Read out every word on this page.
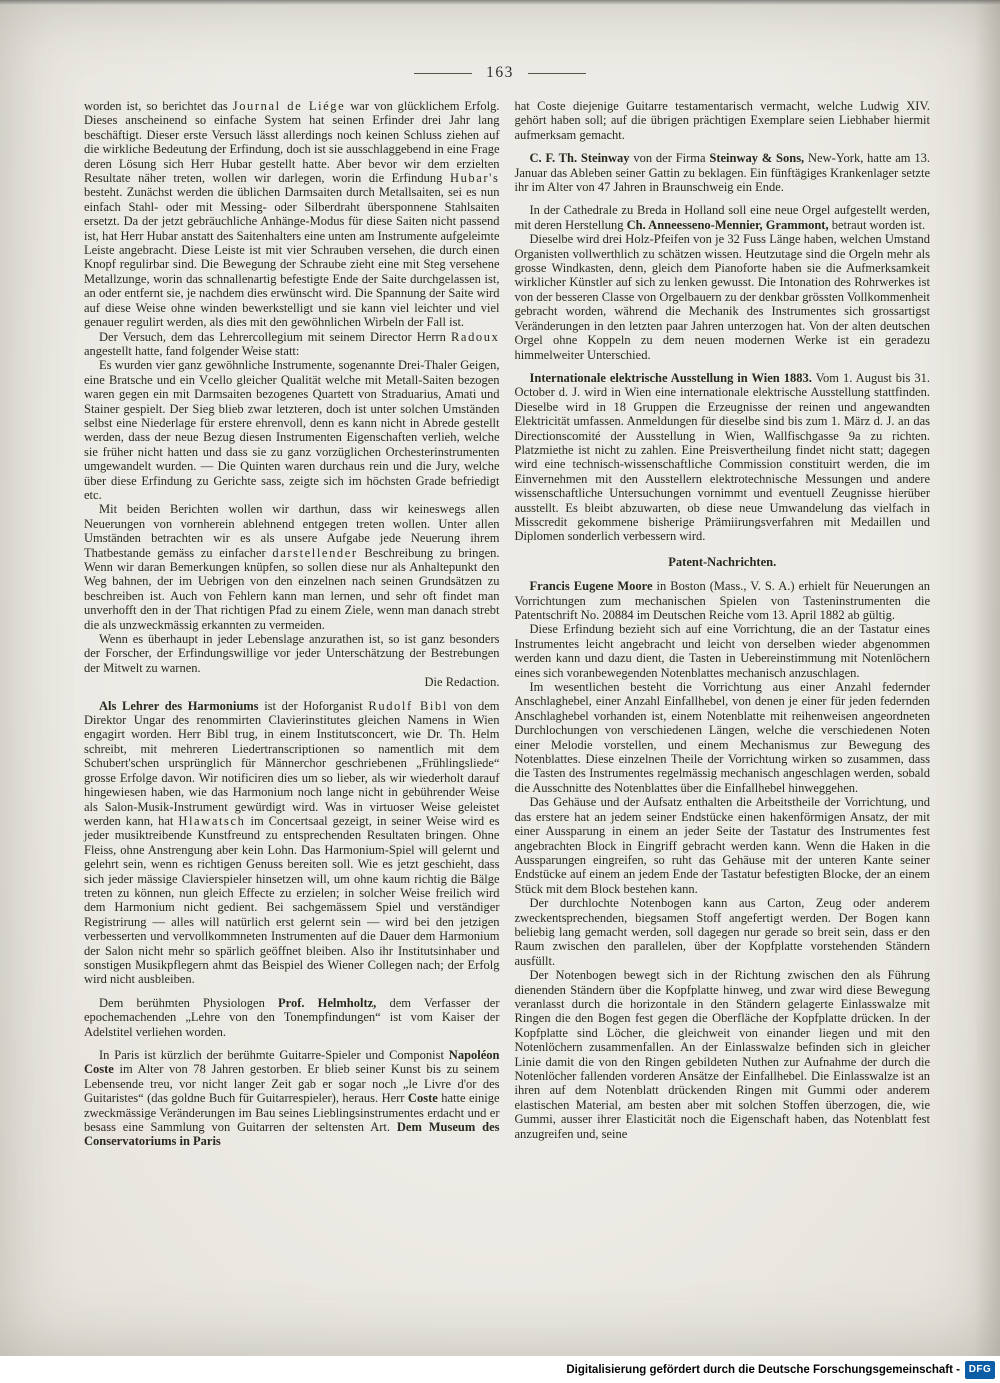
163

worden ist, so berichtet das Journal de Liége war von glücklichem Erfolg. Dieses anscheinend so einfache System hat seinen Erfinder drei Jahr lang beschäftigt. Dieser erste Versuch lässt allerdings noch keinen Schluss ziehen auf die wirkliche Bedeutung der Erfindung, doch ist sie ausschlaggebend in eine Frage deren Lösung sich Herr Hubar gestellt hatte. Aber bevor wir dem erzielten Resultate näher treten, wollen wir darlegen, worin die Erfindung Hubar's besteht. Zunächst werden die üblichen Darmsaiten durch Metallsaiten, sei es nun einfach Stahl- oder mit Messing- oder Silberdraht übersponnene Stahlsaiten ersetzt. Da der jetzt gebräuchliche Anhänge-Modus für diese Saiten nicht passend ist, hat Herr Hubar anstatt des Saitenhalters eine unten am Instrumente aufgeleimte Leiste angebracht. Diese Leiste ist mit vier Schrauben versehen, die durch einen Knopf regulirbar sind. Die Bewegung der Schraube zieht eine mit Steg versehene Metallzunge, worin das schnallenartig befestigte Ende der Saite durchgelassen ist, an oder entfernt sie, je nachdem dies erwünscht wird. Die Spannung der Saite wird auf diese Weise ohne winden bewerkstelligt und sie kann viel leichter und viel genauer regulirt werden, als dies mit den gewöhnlichen Wirbeln der Fall ist.

Der Versuch, dem das Lehrercollegium mit seinem Director Herrn Radoux angestellt hatte, fand folgender Weise statt:

Es wurden vier ganz gewöhnliche Instrumente, sogenannte Drei-Thaler Geigen, eine Bratsche und ein Vcello gleicher Qualität welche mit Metall-Saiten bezogen waren gegen ein mit Darmsaiten bezogenes Quartett von Straduarius, Amati und Stainer gespielt. Der Sieg blieb zwar letzteren, doch ist unter solchen Umständen selbst eine Niederlage für erstere ehrenvoll, denn es kann nicht in Abrede gestellt werden, dass der neue Bezug diesen Instrumenten Eigenschaften verlieh, welche sie früher nicht hatten und dass sie zu ganz vorzüglichen Orchesterinstrumenten umgewandelt wurden. — Die Quinten waren durchaus rein und die Jury, welche über diese Erfindung zu Gerichte sass, zeigte sich im höchsten Grade befriedigt etc.

Mit beiden Berichten wollen wir darthun, dass wir keineswegs allen Neuerungen von vornherein ablehnend entgegen treten wollen. Unter allen Umständen betrachten wir es als unsere Aufgabe jede Neuerung ihrem Thatbestande gemäss zu einfacher darstellender Beschreibung zu bringen. Wenn wir daran Bemerkungen knüpfen, so sollen diese nur als Anhaltepunkt den Weg bahnen, der im Uebrigen von den einzelnen nach seinen Grundsätzen zu beschreiben ist. Auch von Fehlern kann man lernen, und sehr oft findet man unverhofft den in der That richtigen Pfad zu einem Ziele, wenn man danach strebt die als unzweckmässig erkannten zu vermeiden.

Wenn es überhaupt in jeder Lebenslage anzurathen ist, so ist ganz besonders der Forscher, der Erfindungswillige vor jeder Unterschätzung der Bestrebungen der Mitwelt zu warnen.

Die Redaction.

Als Lehrer des Harmoniums ist der Hoforganist Rudolf Bibl von dem Direktor Ungar des renommirten Clavierinstitutes gleichen Namens in Wien engagirt worden. Herr Bibl trug, in einem Institutsconcert, wie Dr. Th. Helm schreibt, mit mehreren Liedertranscriptionen so namentlich mit dem Schubert'schen ursprünglich für Männerchor geschriebenen „Frühlingsliede“ grosse Erfolge davon. Wir notificiren dies um so lieber, als wir wiederholt darauf hingewiesen haben, wie das Harmonium noch lange nicht in gebührender Weise als Salon-Musik-Instrument gewürdigt wird. Was in virtuoser Weise geleistet werden kann, hat Hlawatsch im Concertsaal gezeigt, in seiner Weise wird es jeder musiktreibende Kunstfreund zu entsprechenden Resultaten bringen. Ohne Fleiss, ohne Anstrengung aber kein Lohn. Das Harmonium-Spiel will gelernt und gelehrt sein, wenn es richtigen Genuss bereiten soll. Wie es jetzt geschieht, dass sich jeder mässige Clavierspieler hinsetzen will, um ohne kaum richtig die Bälge treten zu können, nun gleich Effecte zu erzielen; in solcher Weise freilich wird dem Harmonium nicht gedient. Bei sachgemässem Spiel und verständiger Registrirung — alles will natürlich erst gelernt sein — wird bei den jetzigen verbesserten und vervollkommneten Instrumenten auf die Dauer dem Harmonium der Salon nicht mehr so spärlich geöffnet bleiben. Also ihr Institutsinhaber und sonstigen Musikpflegern ahmt das Beispiel des Wiener Collegen nach; der Erfolg wird nicht ausbleiben.

Dem berühmten Physiologen Prof. Helmholtz, dem Verfasser der epochemachenden „Lehre von den Tonempfindungen“ ist vom Kaiser der Adelstitel verliehen worden.

In Paris ist kürzlich der berühmte Guitarre-Spieler und Componist Napoléon Coste im Alter von 78 Jahren gestorben. Er blieb seiner Kunst bis zu seinem Lebensende treu, vor nicht langer Zeit gab er sogar noch „le Livre d'or des Guitaristes“ (das goldne Buch für Guitarrespieler), heraus. Herr Coste hatte einige zweckmässige Veränderungen im Bau seines Lieblingsinstrumentes erdacht und er besass eine Sammlung von Guitarren der seltensten Art. Dem Museum des Conservatoriums in Paris

hat Coste diejenige Guitarre testamentarisch vermacht, welche Ludwig XIV. gehört haben soll; auf die übrigen prächtigen Exemplare seien Liebhaber hiermit aufmerksam gemacht.

C. F. Th. Steinway von der Firma Steinway & Sons, New-York, hatte am 13. Januar das Ableben seiner Gattin zu beklagen. Ein fünftägiges Krankenlager setzte ihr im Alter von 47 Jahren in Braunschweig ein Ende.

In der Cathedrale zu Breda in Holland soll eine neue Orgel aufgestellt werden, mit deren Herstellung Ch. Anneesseno-Mennier, Grammont, betraut worden ist.

Dieselbe wird drei Holz-Pfeifen von je 32 Fuss Länge haben, welchen Umstand Organisten vollwerthlich zu schätzen wissen. Heutzutage sind die Orgeln mehr als grosse Windkasten, denn, gleich dem Pianoforte haben sie die Aufmerksamkeit wirklicher Künstler auf sich zu lenken gewusst. Die Intonation des Rohrwerkes ist von der besseren Classe von Orgelbauern zu der denkbar grössten Vollkommenheit gebracht worden, während die Mechanik des Instrumentes sich grossartigst Veränderungen in den letzten paar Jahren unterzogen hat. Von der alten deutschen Orgel ohne Koppeln zu dem neuen modernen Werke ist ein geradezu himmelweiter Unterschied.

Internationale elektrische Ausstellung in Wien 1883. Vom 1. August bis 31. October d. J. wird in Wien eine internationale elektrische Ausstellung stattfinden. Dieselbe wird in 18 Gruppen die Erzeugnisse der reinen und angewandten Elektricität umfassen. Anmeldungen für dieselbe sind bis zum 1. März d. J. an das Directionscomité der Ausstellung in Wien, Wallfischgasse 9a zu richten. Platzmiethe ist nicht zu zahlen. Eine Preisvertheilung findet nicht statt; dagegen wird eine technisch-wissenschaftliche Commission constituirt werden, die im Einvernehmen mit den Ausstellern elektrotechnische Messungen und andere wissenschaftliche Untersuchungen vornimmt und eventuell Zeugnisse hierüber ausstellt. Es bleibt abzuwarten, ob diese neue Umwandelung das vielfach in Misscredit gekommene bisherige Prämiirungsverfahren mit Medaillen und Diplomen sonderlich verbessern wird.

Patent-Nachrichten.

Francis Eugene Moore in Boston (Mass., V. S. A.) erhielt für Neuerungen an Vorrichtungen zum mechanischen Spielen von Tasteninstrumenten die Patentschrift No. 20884 im Deutschen Reiche vom 13. April 1882 ab gültig.

Diese Erfindung bezieht sich auf eine Vorrichtung, die an der Tastatur eines Instrumentes leicht angebracht und leicht von derselben wieder abgenommen werden kann und dazu dient, die Tasten in Uebereinstimmung mit Notenlöchern eines sich voranbewegenden Notenblattes mechanisch anzuschlagen.

Im wesentlichen besteht die Vorrichtung aus einer Anzahl federnder Anschlaghebel, einer Anzahl Einfallhebel, von denen je einer für jeden federnden Anschlaghebel vorhanden ist, einem Notenblatte mit reihenweisen angeordneten Durchlochungen von verschiedenen Längen, welche die verschiedenen Noten einer Melodie vorstellen, und einem Mechanismus zur Bewegung des Notenblattes. Diese einzelnen Theile der Vorrichtung wirken so zusammen, dass die Tasten des Instrumentes regelmässig mechanisch angeschlagen werden, sobald die Ausschnitte des Notenblattes über die Einfallhebel hinweggehen.

Das Gehäuse und der Aufsatz enthalten die Arbeitstheile der Vorrichtung, und das erstere hat an jedem seiner Endstücke einen hakenförmigen Ansatz, der mit einer Aussparung in einem an jeder Seite der Tastatur des Instrumentes fest angebrachten Block in Eingriff gebracht werden kann. Wenn die Haken in die Aussparungen eingreifen, so ruht das Gehäuse mit der unteren Kante seiner Endstücke auf einem an jedem Ende der Tastatur befestigten Blocke, der an einem Stück mit dem Block bestehen kann.

Der durchlochte Notenbogen kann aus Carton, Zeug oder anderem zweckentsprechenden, biegsamen Stoff angefertigt werden. Der Bogen kann beliebig lang gemacht werden, soll dagegen nur gerade so breit sein, dass er den Raum zwischen den parallelen, über der Kopfplatte vorstehenden Ständern ausfüllt.

Der Notenbogen bewegt sich in der Richtung zwischen den als Führung dienenden Ständern über die Kopfplatte hinweg, und zwar wird diese Bewegung veranlasst durch die horizontale in den Ständern gelagerte Einlasswalze mit Ringen die den Bogen fest gegen die Oberfläche der Kopfplatte drücken. In der Kopfplatte sind Löcher, die gleichweit von einander liegen und mit den Notenlöchern zusammenfallen. An der Einlasswalze befinden sich in gleicher Linie damit die von den Ringen gebildeten Nuthen zur Aufnahme der durch die Notenlöcher fallenden vorderen Ansätze der Einfallhebel. Die Einlasswalze ist an ihren auf dem Notenblatt drückenden Ringen mit Gummi oder anderem elastischen Material, am besten aber mit solchen Stoffen überzogen, die, wie Gummi, ausser ihrer Elasticität noch die Eigenschaft haben, das Notenblatt fest anzugreifen und, seine

Digitalisierung gefördert durch die Deutsche Forschungsgemeinschaft - DFG
